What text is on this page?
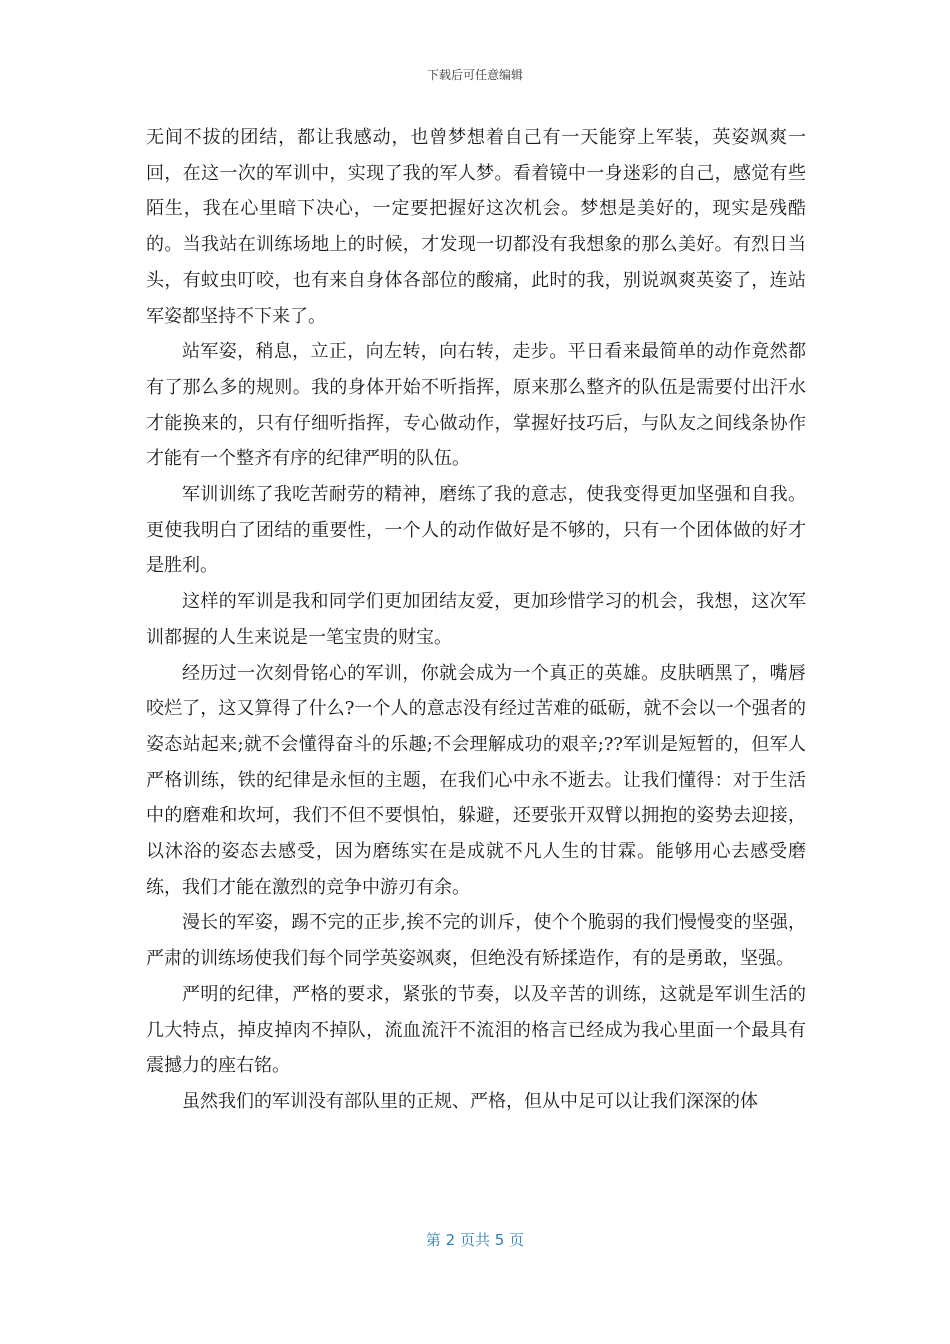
下载后可任意编辑

无间不拔的团结，都让我感动，也曾梦想着自己有一天能穿上军装，英姿飒爽一回，在这一次的军训中，实现了我的军人梦。看着镜中一身迷彩的自己，感觉有些陌生，我在心里暗下决心，一定要把握好这次机会。梦想是美好的，现实是残酷的。当我站在训练场地上的时候，才发现一切都没有我想象的那么美好。有烈日当头，有蚊虫叮咬，也有来自身体各部位的酸痛，此时的我，别说飒爽英姿了，连站军姿都坚持不下来了。

站军姿，稍息，立正，向左转，向右转，走步。平日看来最简单的动作竟然都有了那么多的规则。我的身体开始不听指挥，原来那么整齐的队伍是需要付出汗水才能换来的，只有仔细听指挥，专心做动作，掌握好技巧后，与队友之间线条协作才能有一个整齐有序的纪律严明的队伍。

军训训练了我吃苦耐劳的精神，磨练了我的意志，使我变得更加坚强和自我。更使我明白了团结的重要性，一个人的动作做好是不够的，只有一个团体做的好才是胜利。

这样的军训是我和同学们更加团结友爱，更加珍惜学习的机会，我想，这次军训都握的人生来说是一笔宝贵的财宝。

经历过一次刻骨铭心的军训，你就会成为一个真正的英雄。皮肤晒黑了，嘴唇咬烂了，这又算得了什么?一个人的意志没有经过苦难的砥砺，就不会以一个强者的姿态站起来;就不会懂得奋斗的乐趣;不会理解成功的艰辛;??军训是短暂的，但军人严格训练，铁的纪律是永恒的主题，在我们心中永不逝去。让我们懂得：对于生活中的磨难和坎坷，我们不但不要惧怕，躲避，还要张开双臂以拥抱的姿势去迎接，以沐浴的姿态去感受，因为磨练实在是成就不凡人生的甘霖。能够用心去感受磨练，我们才能在激烈的竞争中游刃有余。

漫长的军姿，踢不完的正步,挨不完的训斥，使个个脆弱的我们慢慢变的坚强，严肃的训练场使我们每个同学英姿飒爽，但绝没有矫揉造作，有的是勇敢，坚强。

严明的纪律，严格的要求，紧张的节奏，以及辛苦的训练，这就是军训生活的几大特点，掉皮掉肉不掉队，流血流汗不流泪的格言已经成为我心里面一个最具有震撼力的座右铭。

虽然我们的军训没有部队里的正规、严格，但从中足可以让我们深深的体

第 2 页共 5 页
